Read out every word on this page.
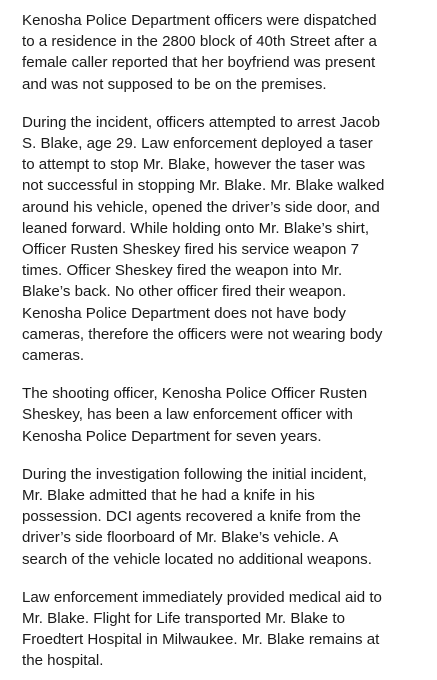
Kenosha Police Department officers were dispatched
to a residence in the 2800 block of 40th Street after a
female caller reported that her boyfriend was present
and was not supposed to be on the premises.

During the incident, officers attempted to arrest Jacob
S. Blake, age 29. Law enforcement deployed a taser
to attempt to stop Mr. Blake, however the taser was
not successful in stopping Mr. Blake. Mr. Blake walked
around his vehicle, opened the driver’s side door, and
leaned forward. While holding onto Mr. Blake’s shirt,
Officer Rusten Sheskey fired his service weapon 7
times. Officer Sheskey fired the weapon into Mr.
Blake’s back. No other officer fired their weapon.
Kenosha Police Department does not have body
cameras, therefore the officers were not wearing body
cameras.

The shooting officer, Kenosha Police Officer Rusten
Sheskey, has been a law enforcement officer with
Kenosha Police Department for seven years.

During the investigation following the initial incident,
Mr. Blake admitted that he had a knife in his
possession. DCI agents recovered a knife from the
driver’s side floorboard of Mr. Blake’s vehicle. A
search of the vehicle located no additional weapons.

Law enforcement immediately provided medical aid to
Mr. Blake. Flight for Life transported Mr. Blake to
Froedtert Hospital in Milwaukee. Mr. Blake remains at
the hospital.
